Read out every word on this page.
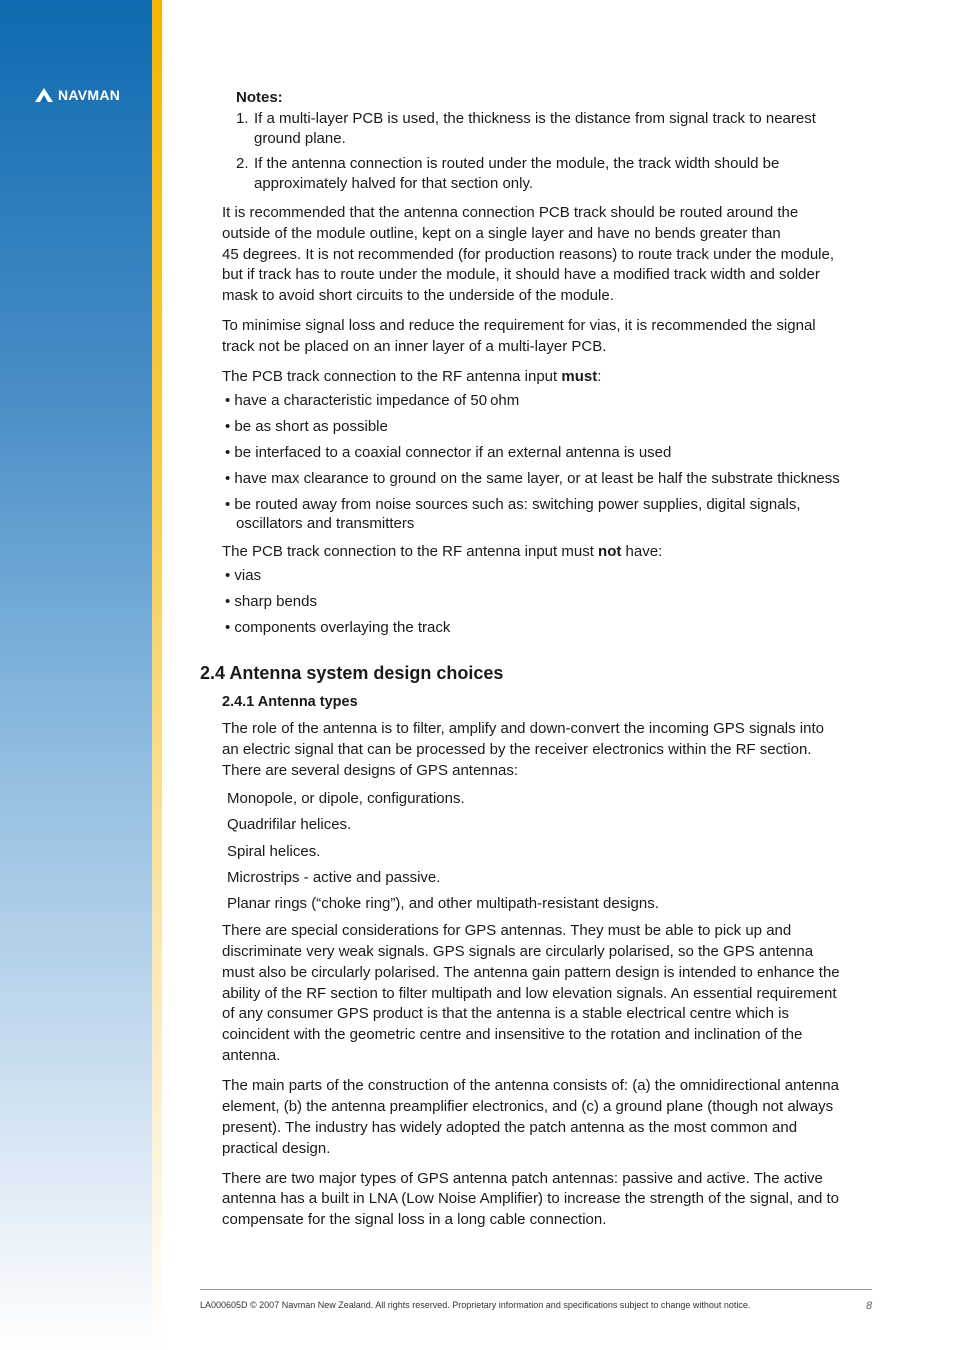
NAVMAN	Notes:

1. If a multi-layer PCB is used, the thickness is the distance from signal track to nearest

ground plane.

2. If the antenna connection is routed under the module, the track width should be

approximately halved for that section only.

It is recommended that the antenna connection PCB track should be routed around the

outside of the module outline, kept on a single layer and have no bends greater than

45 degrees. It is not recommended (for production reasons) to route track under the module,

but if track has to route under the module, it should have a modified track width and solder

mask to avoid short circuits to the underside of the module.

To minimise signal loss and reduce the requirement for vias, it is recommended the signal

track not be placed on an inner layer of a multi-layer PCB.

The PCB track connection to the RF antenna input must:

• have a characteristic impedance of 50 ohm

• be as short as possible

• be interfaced to a coaxial connector if an external antenna is used

• have max clearance to ground on the same layer, or at least be half the substrate thickness

• be routed away from noise sources such as: switching power supplies, digital signals,

oscillators and transmitters

The PCB track connection to the RF antenna input must not have:

• vias

• sharp bends

• components overlaying the track

2.4 Antenna system design choices

2.4.1 Antenna types

The role of the antenna is to filter, amplify and down-convert the incoming GPS signals into

an electric signal that can be processed by the receiver electronics within the RF section.

There are several designs of GPS antennas:

Monopole, or dipole, configurations.

Quadrifilar helices.

Spiral helices.

Microstrips - active and passive.

Planar rings (“choke ring”), and other multipath-resistant designs.

There are special considerations for GPS antennas. They must be able to pick up and

discriminate very weak signals. GPS signals are circularly polarised, so the GPS antenna

must also be circularly polarised. The antenna gain pattern design is intended to enhance the

ability of the RF section to filter multipath and low elevation signals. An essential requirement

of any consumer GPS product is that the antenna is a stable electrical centre which is

coincident with the geometric centre and insensitive to the rotation and inclination of the

antenna.

The main parts of the construction of the antenna consists of: (a) the omnidirectional antenna

element, (b) the antenna preamplifier electronics, and (c) a ground plane (though not always

present). The industry has widely adopted the patch antenna as the most common and

practical design.

There are two major types of GPS antenna patch antennas: passive and active. The active

antenna has a built in LNA (Low Noise Amplifier) to increase the strength of the signal, and to

compensate for the signal loss in a long cable connection.

LA000605D © 2007 Navman New Zealand. All rights reserved. Proprietary information and specifications subject to change without notice.	8
